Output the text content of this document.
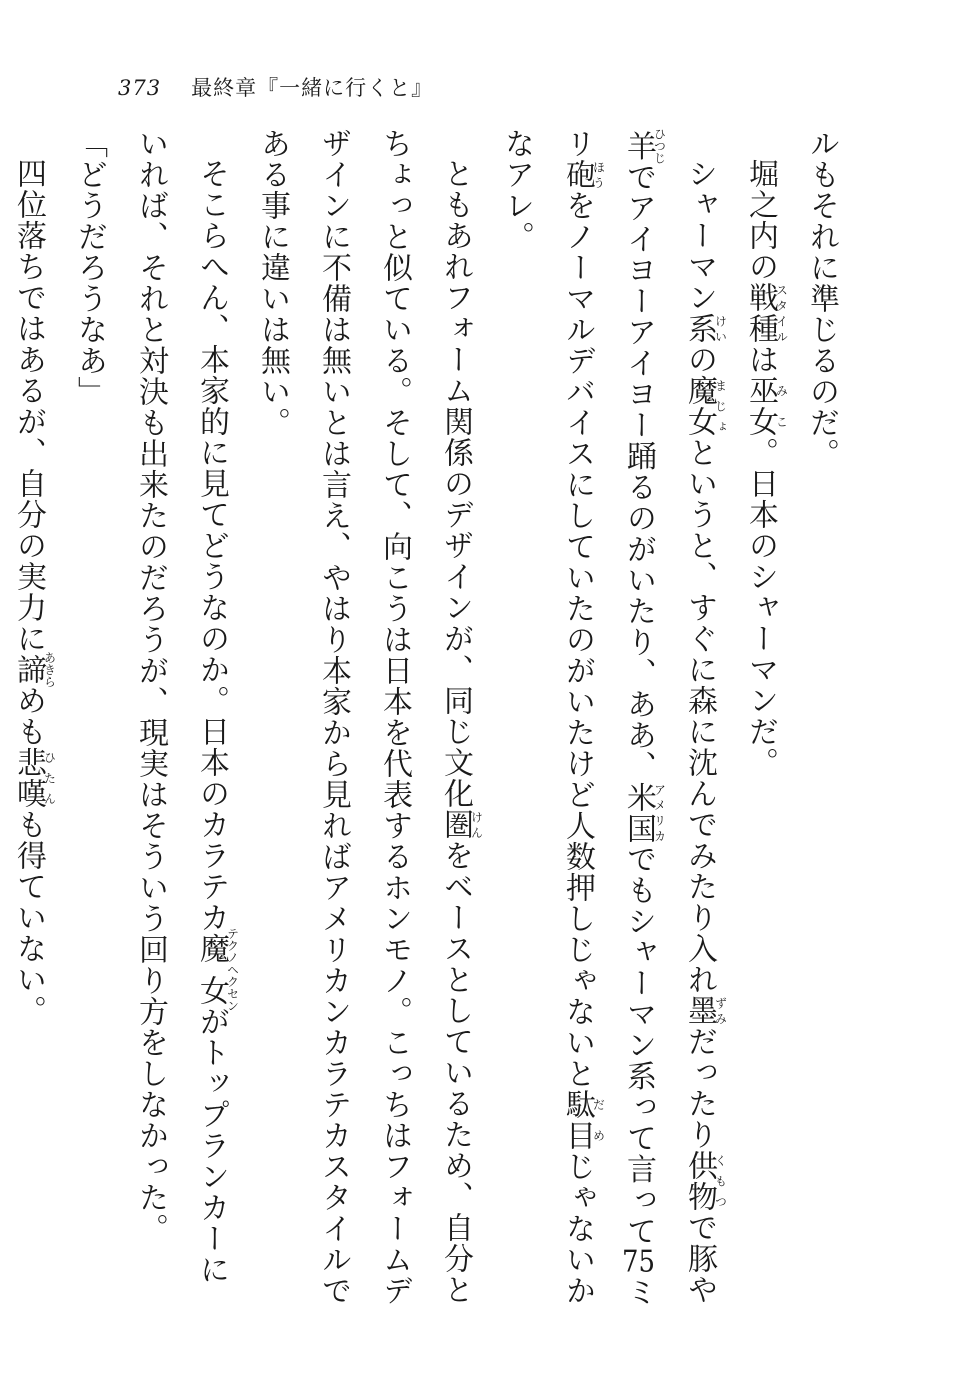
373 最終章『一緒に行くと』

ルもそれに準じるのだ。

堀之内の戦種スタイルは巫女みこ。日本のシャーマンだ。

シャーマン系けいの魔女まじょというと、すぐに森に沈んでみたり入れ墨ずみだったり供物くもつで豚や羊ひつじでアイヨーアイヨー踊るのがいたり、ああ、米国アメリカでもシャーマン系って言って75ミリ砲ほうをノーマルデバイスにしていたのがいたけど人数押しじゃないと駄目だめじゃないかなアレ。

ともあれフォーム関係のデザインが、同じ文化圏けんをベースとしているため、自分とちょっと似ている。そして、向こうは日本を代表するホンモノ。こっちはフォームデザインに不備は無いとは言え、やはり本家から見ればアメリカンカラテカスタイルである事に違いは無い。

そこらへん、本家的に見てどうなのか。日本のカラテカ魔女テクノヘクセンがトップランカーにいれば、それと対決も出来たのだろうが、現実はそういう回り方をしなかった。

「どうだろうなあ」

四位落ちではあるが、自分の実力に諦あきらめも悲嘆ひたんも得ていない。
